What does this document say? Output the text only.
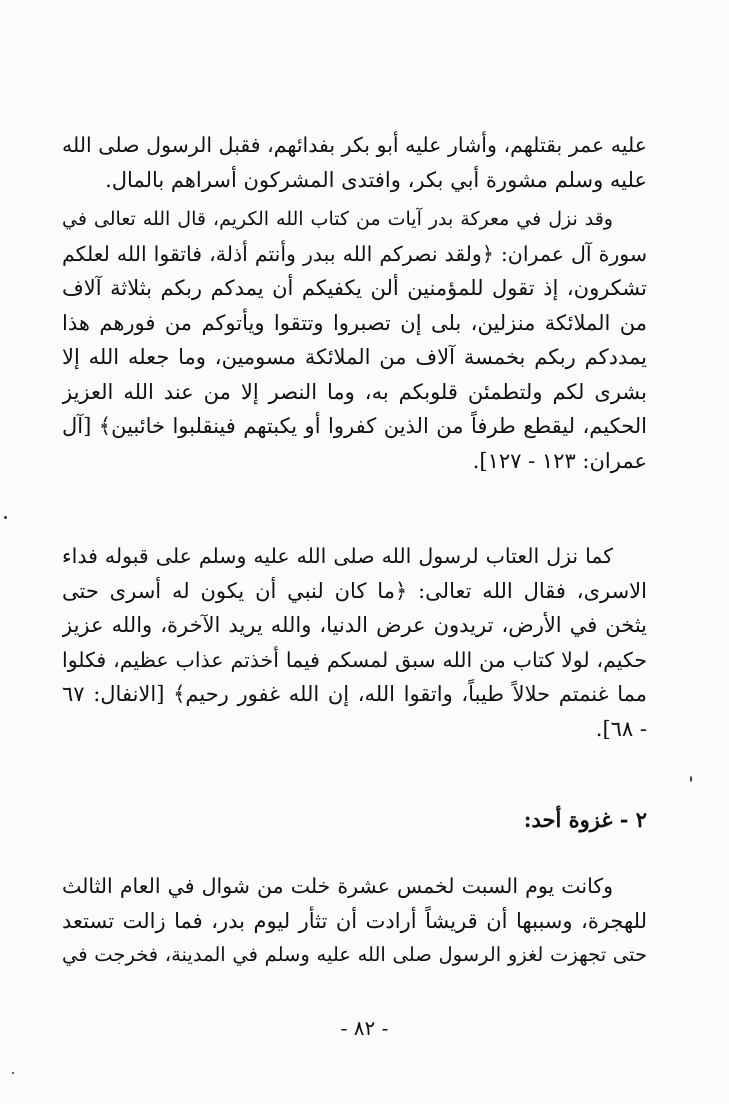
عليه عمر بقتلهم، وأشار عليه أبو بكر بفدائهم، فقبل الرسول صلى الله
عليه وسلم مشورة أبي بكر، وافتدى المشركون أسراهم بالمال.
وقد نزل في معركة بدر آيات من كتاب الله الكريم، قال الله تعالى في
سورة آل عمران: ﴿ولقد نصركم الله ببدر وأنتم أذلة، فاتقوا الله لعلكم
تشكرون، إذ تقول للمؤمنين ألن يكفيكم أن يمدكم ربكم بثلاثة آلاف
من الملائكة منزلين، بلى إن تصبروا وتتقوا ويأتوكم من فورهم هذا
يمددكم ربكم بخمسة آلاف من الملائكة مسومين، وما جعله الله إلا
بشرى لكم ولتطمئن قلوبكم به، وما النصر إلا من عند الله العزيز
الحكيم، ليقطع طرفاً من الذين كفروا أو يكبتهم فينقلبوا خائبين﴾ [آل
عمران: ١٢٣ - ١٢٧].
كما نزل العتاب لرسول الله صلى الله عليه وسلم على قبوله فداء
الاسرى، فقال الله تعالى: ﴿ما كان لنبي أن يكون له أسرى حتى
يثخن في الأرض، تريدون عرض الدنيا، والله يريد الآخرة، والله عزيز
حكيم، لولا كتاب من الله سبق لمسكم فيما أخذتم عذاب عظيم، فكلوا
مما غنمتم حلالاً طيباً، واتقوا الله، إن الله غفور رحيم﴾ [الانفال: ٦٧
- ٦٨].
٢ - غزوة أحد:
وكانت يوم السبت لخمس عشرة خلت من شوال في العام الثالث
للهجرة، وسببها أن قريشاً أرادت أن تثأر ليوم بدر، فما زالت تستعد
حتى تجهزت لغزو الرسول صلى الله عليه وسلم في المدينة، فخرجت في
- ٨٢ -
